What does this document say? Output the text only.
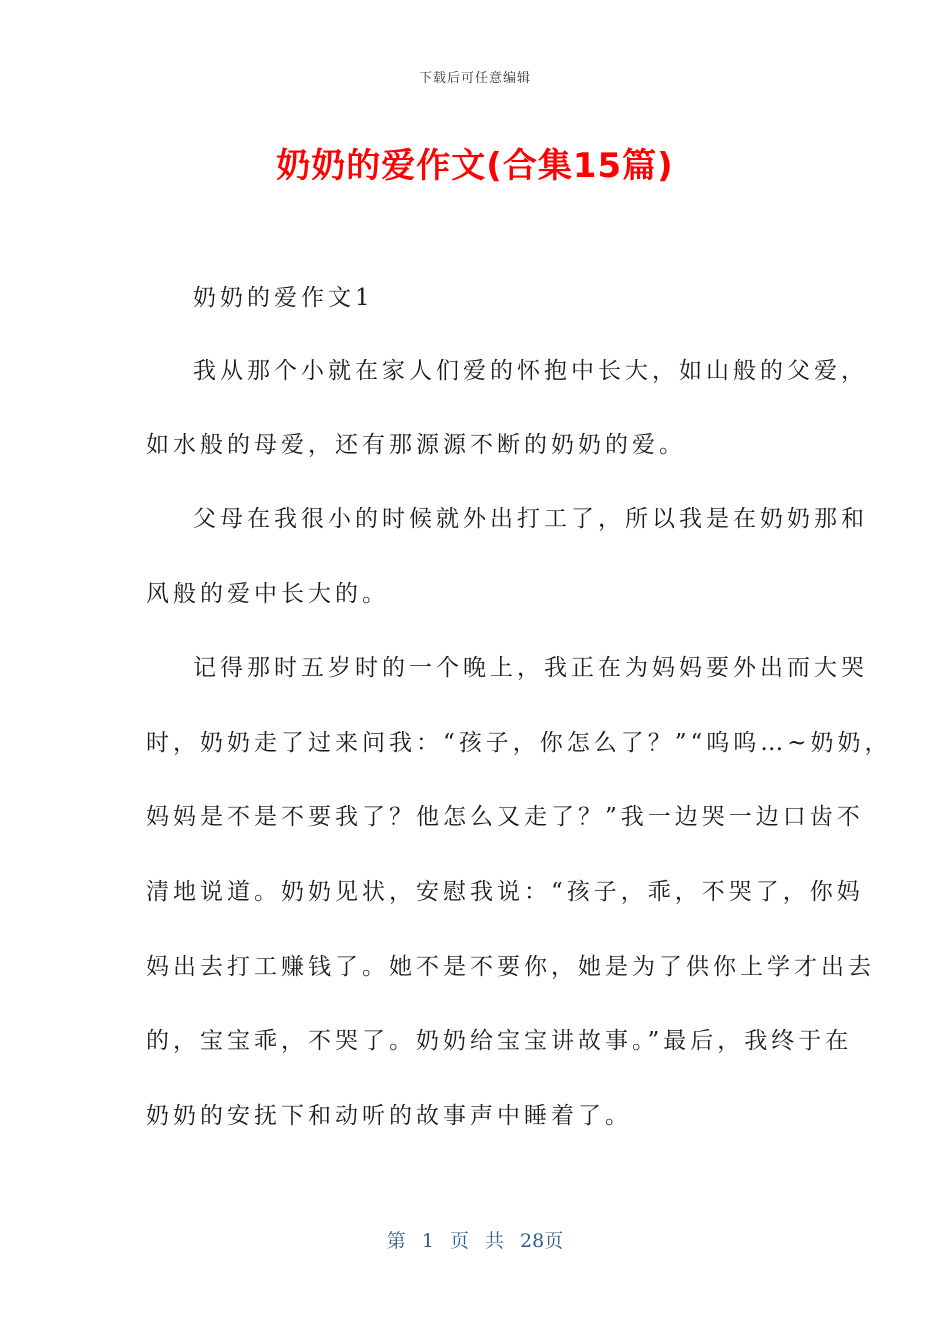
下载后可任意编辑
奶奶的爱作文(合集15篇)
奶奶的爱作文1
我从那个小就在家人们爱的怀抱中长大，如山般的父爱，
如水般的母爱，还有那源源不断的奶奶的爱。
父母在我很小的时候就外出打工了，所以我是在奶奶那和
风般的爱中长大的。
记得那时五岁时的一个晚上，我正在为妈妈要外出而大哭
时，奶奶走了过来问我：“孩子，你怎么了？”“呜呜…~奶奶，
妈妈是不是不要我了？他怎么又走了？”我一边哭一边口齿不
清地说道。奶奶见状，安慰我说：“孩子，乖，不哭了，你妈
妈出去打工赚钱了。她不是不要你，她是为了供你上学才出去
的，宝宝乖，不哭了。奶奶给宝宝讲故事。”最后，我终于在
奶奶的安抚下和动听的故事声中睡着了。
第 1 页 共 28页
